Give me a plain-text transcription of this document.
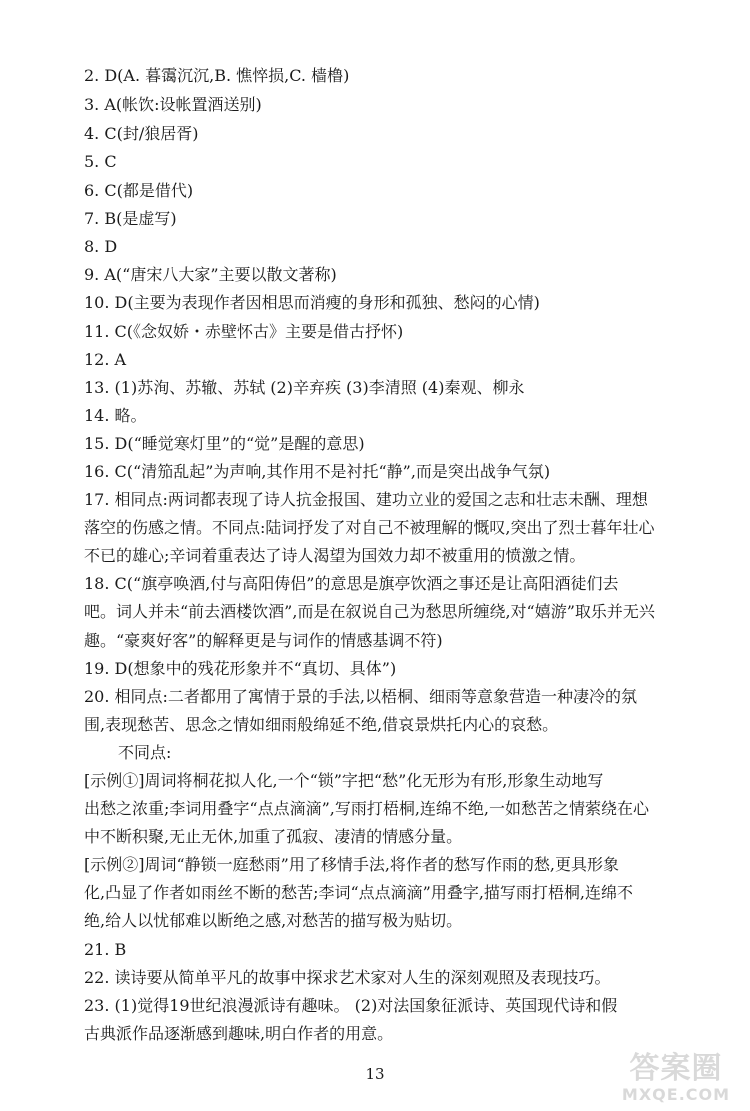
2. D(A. 暮霭沉沉,B. 憔悴损,C. 樯橹)
3. A(帐饮:设帐置酒送别)
4. C(封/狼居胥)
5. C
6. C(都是借代)
7. B(是虚写)
8. D
9. A(“唐宋八大家”主要以散文著称)
10. D(主要为表现作者因相思而消瘦的身形和孤独、愁闷的心情)
11. C(《念奴娇・赤壁怀古》主要是借古抒怀)
12. A
13. (1)苏洵、苏辙、苏轼 (2)辛弃疾 (3)李清照 (4)秦观、柳永
14. 略。
15. D(“睡觉寒灯里”的“觉”是醒的意思)
16. C(“清笳乱起”为声响,其作用不是衬托“静”,而是突出战争气氛)
17. 相同点:两词都表现了诗人抗金报国、建功立业的爱国之志和壮志未酬、理想
落空的伤感之情。不同点:陆词抒发了对自己不被理解的慨叹,突出了烈士暮年壮心
不已的雄心;辛词着重表达了诗人渴望为国效力却不被重用的愤激之情。
18. C(“旗亭唤酒,付与高阳俦侣”的意思是旗亭饮酒之事还是让高阳酒徒们去
吧。词人并未“前去酒楼饮酒”,而是在叙说自己为愁思所缠绕,对“嬉游”取乐并无兴
趣。“豪爽好客”的解释更是与词作的情感基调不符)
19. D(想象中的残花形象并不“真切、具体”)
20. 相同点:二者都用了寓情于景的手法,以梧桐、细雨等意象营造一种凄冷的氛
围,表现愁苦、思念之情如细雨般绵延不绝,借哀景烘托内心的哀愁。
不同点:
[示例①]周词将桐花拟人化,一个“锁”字把“愁”化无形为有形,形象生动地写
出愁之浓重;李词用叠字“点点滴滴”,写雨打梧桐,连绵不绝,一如愁苦之情萦绕在心
中不断积聚,无止无休,加重了孤寂、凄清的情感分量。
[示例②]周词“静锁一庭愁雨”用了移情手法,将作者的愁写作雨的愁,更具形象
化,凸显了作者如雨丝不断的愁苦;李词“点点滴滴”用叠字,描写雨打梧桐,连绵不
绝,给人以忧郁难以断绝之感,对愁苦的描写极为贴切。
21. B
22. 读诗要从简单平凡的故事中探求艺术家对人生的深刻观照及表现技巧。
23. (1)觉得19世纪浪漫派诗有趣味。 (2)对法国象征派诗、英国现代诗和假
古典派作品逐渐感到趣味,明白作者的用意。
13	答案圈
MXQE.COM
